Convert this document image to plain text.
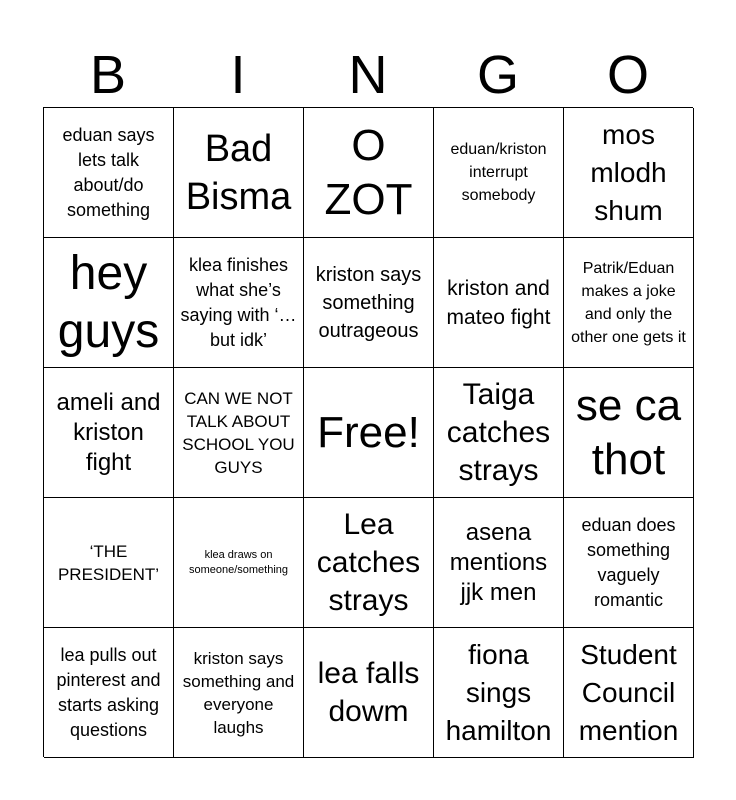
B	I	N	G	O
eduan says lets talk about/do something
Bad Bisma
O ZOT
eduan/kriston interrupt somebody
mos mlodh shum
hey guys
klea finishes what she’s saying with ‘…but idk’
kriston says something outrageous
kriston and mateo fight
Patrik/Eduan makes a joke and only the other one gets it
ameli and kriston fight
CAN WE NOT TALK ABOUT SCHOOL YOU GUYS
Free!
Taiga catches strays
se ca thot
‘THE PRESIDENT’
klea draws on someone/something
Lea catches strays
asena mentions jjk men
eduan does something vaguely romantic
lea pulls out pinterest and starts asking questions
kriston says something and everyone laughs
lea falls dowm
fiona sings hamilton
Student Council mention
